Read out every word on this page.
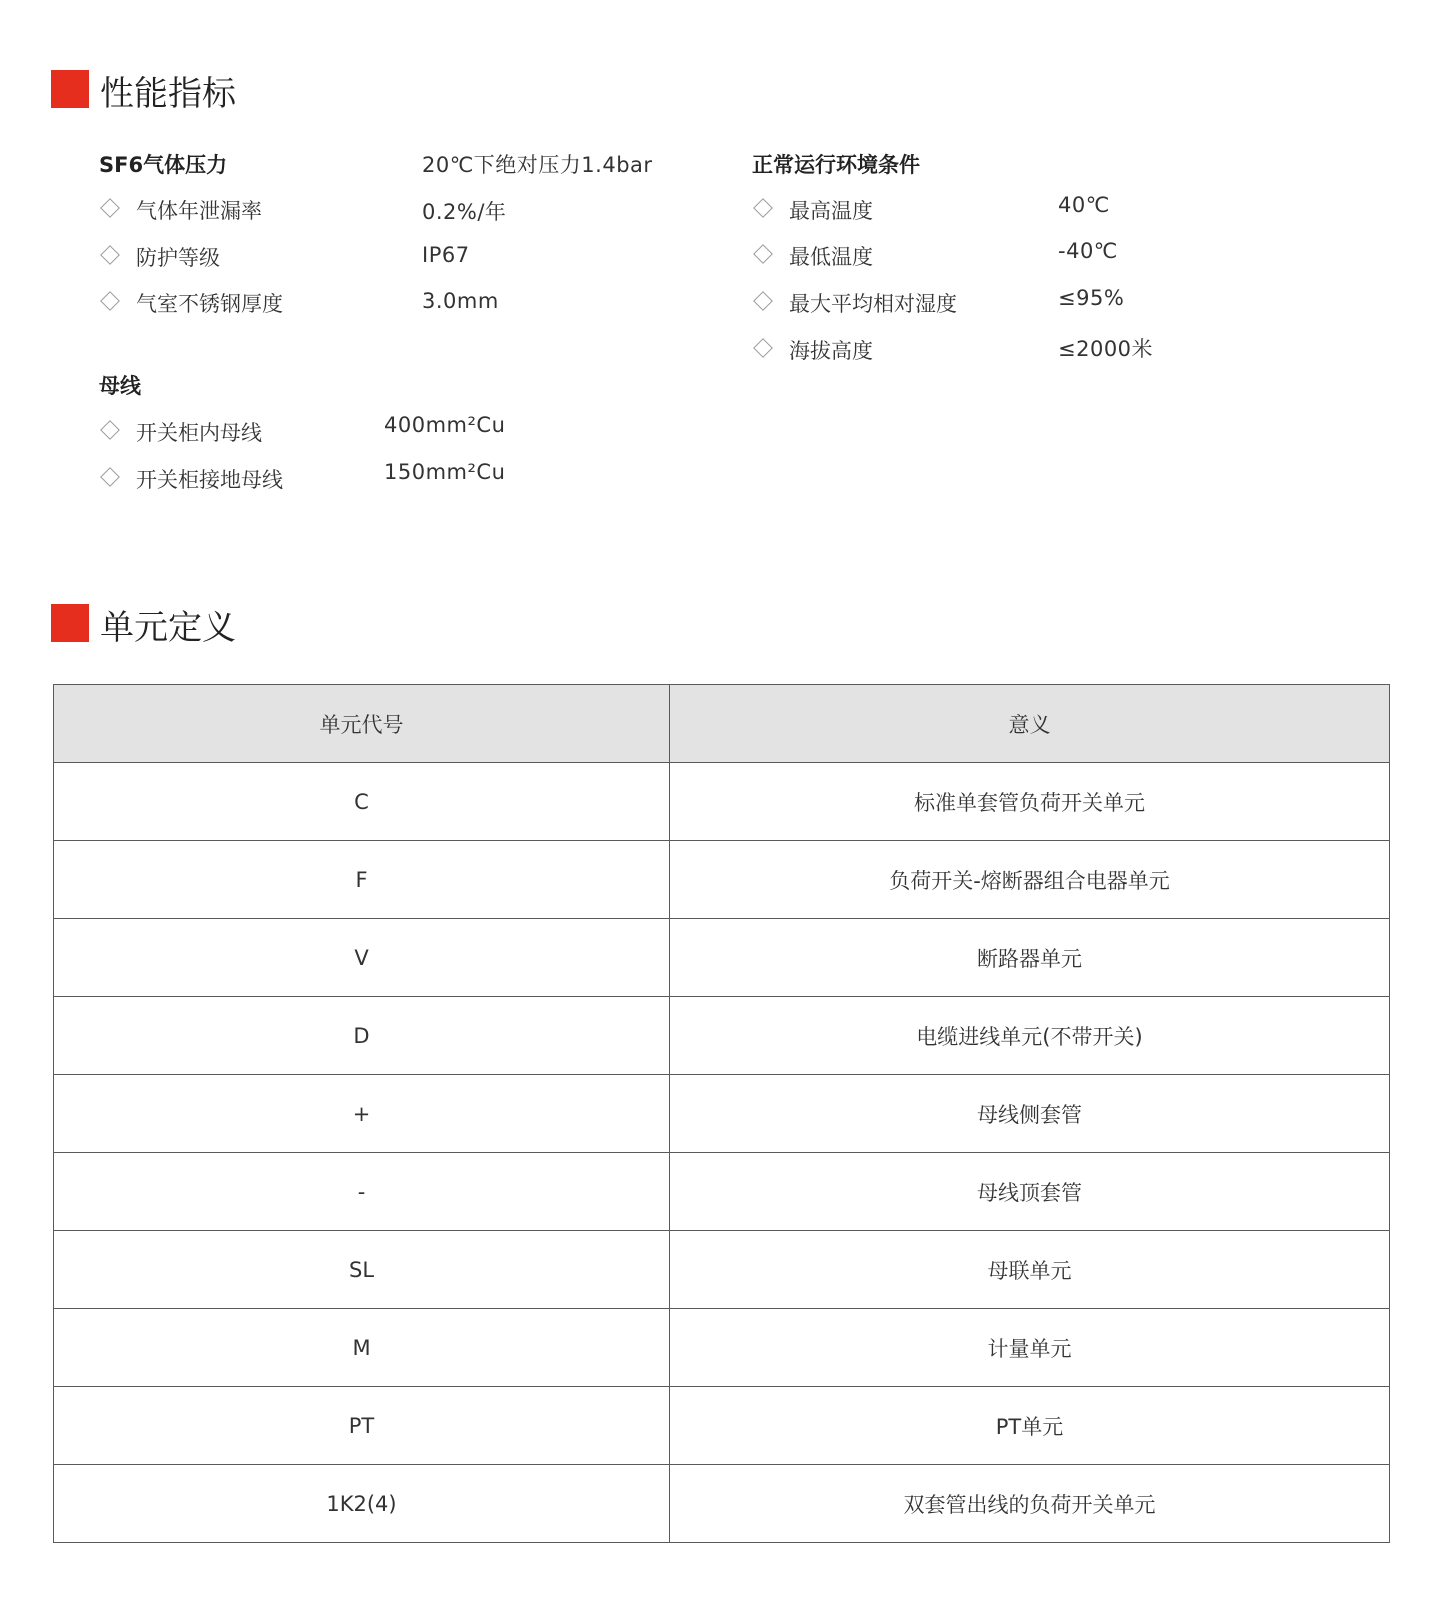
性能指标
SF6气体压力	20℃下绝对压力1.4bar
气体年泄漏率	0.2%/年
防护等级	IP67
气室不锈钢厚度	3.0mm
正常运行环境条件
最高温度	40℃
最低温度	-40℃
最大平均相对湿度	≤95%
海拔高度	≤2000米
母线
开关柜内母线	400mm²Cu
开关柜接地母线	150mm²Cu
单元定义
单元代号	意义
C	标准单套管负荷开关单元
F	负荷开关-熔断器组合电器单元
V	断路器单元
D	电缆进线单元(不带开关)
+	母线侧套管
-	母线顶套管
SL	母联单元
M	计量单元
PT	PT单元
1K2(4)	双套管出线的负荷开关单元
